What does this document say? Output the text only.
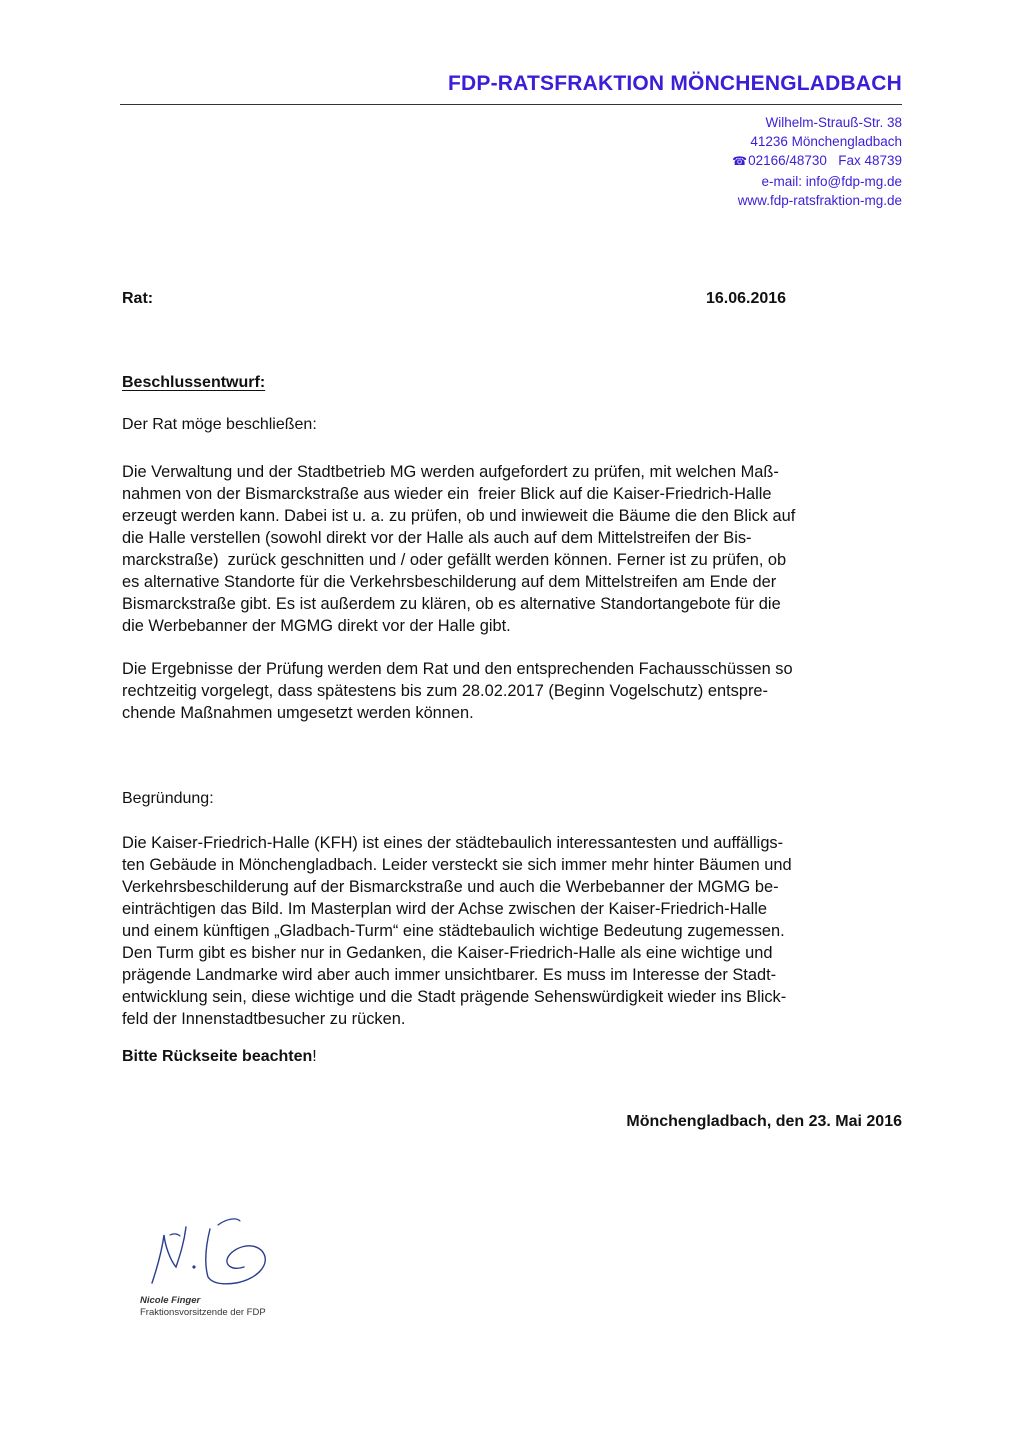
FDP-RATSFRAKTION MÖNCHENGLADBACH
Wilhelm-Strauß-Str. 38
41236 Mönchengladbach
☎02166/48730   Fax 48739
e-mail: info@fdp-mg.de
www.fdp-ratsfraktion-mg.de
Rat:	16.06.2016
Beschlussentwurf:
Der Rat möge beschließen:
Die Verwaltung und der Stadtbetrieb MG werden aufgefordert zu prüfen, mit welchen Maß-
nahmen von der Bismarckstraße aus wieder ein  freier Blick auf die Kaiser-Friedrich-Halle
erzeugt werden kann. Dabei ist u. a. zu prüfen, ob und inwieweit die Bäume die den Blick auf
die Halle verstellen (sowohl direkt vor der Halle als auch auf dem Mittelstreifen der Bis-
marckstraße)  zurück geschnitten und / oder gefällt werden können. Ferner ist zu prüfen, ob
es alternative Standorte für die Verkehrsbeschilderung auf dem Mittelstreifen am Ende der
Bismarckstraße gibt. Es ist außerdem zu klären, ob es alternative Standortangebote für die
die Werbebanner der MGMG direkt vor der Halle gibt.
Die Ergebnisse der Prüfung werden dem Rat und den entsprechenden Fachausschüssen so
rechtzeitig vorgelegt, dass spätestens bis zum 28.02.2017 (Beginn Vogelschutz) entspre-
chende Maßnahmen umgesetzt werden können.
Begründung:
Die Kaiser-Friedrich-Halle (KFH) ist eines der städtebaulich interessantesten und auffälligs-
ten Gebäude in Mönchengladbach. Leider versteckt sie sich immer mehr hinter Bäumen und
Verkehrsbeschilderung auf der Bismarckstraße und auch die Werbebanner der MGMG be-
einträchtigen das Bild. Im Masterplan wird der Achse zwischen der Kaiser-Friedrich-Halle
und einem künftigen „Gladbach-Turm“ eine städtebaulich wichtige Bedeutung zugemessen.
Den Turm gibt es bisher nur in Gedanken, die Kaiser-Friedrich-Halle als eine wichtige und
prägende Landmarke wird aber auch immer unsichtbarer. Es muss im Interesse der Stadt-
entwicklung sein, diese wichtige und die Stadt prägende Sehenswürdigkeit wieder ins Blick-
feld der Innenstadtbesucher zu rücken.
Bitte Rückseite beachten!
Mönchengladbach, den 23. Mai 2016
Nicole Finger
Fraktionsvorsitzende der FDP
